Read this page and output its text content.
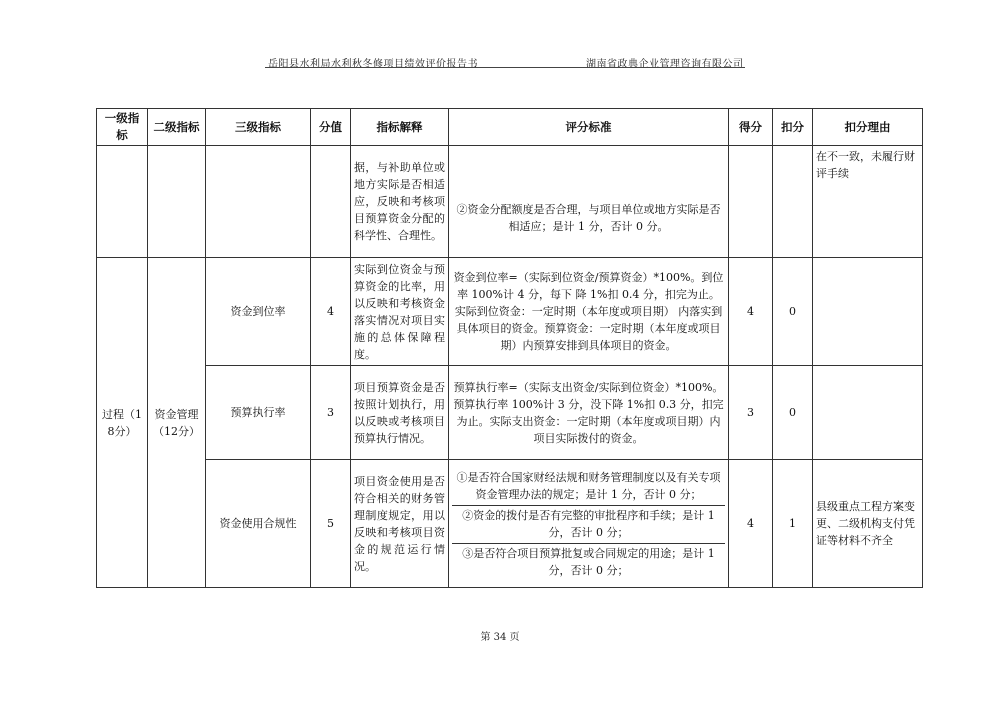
岳阳县水利局水利秋冬修项目绩效评价报告书	湖南省政典企业管理咨询有限公司
一级指标	二级指标	三级指标	分值	指标解释	评分标准	得分	扣分	扣分理由
				据，与补助单位或地方实际是否相适应，反映和考核项目预算资金分配的科学性、合理性。	②资金分配额度是否合理，与项目单位或地方实际是否相适应；是计 1 分，否计 0 分。			在不一致，未履行财评手续
过程（18分）	资金管理（12分）	资金到位率	4	实际到位资金与预算资金的比率，用以反映和考核资金落实情况对项目实施的总体保障程度。	资金到位率=（实际到位资金/预算资金）*100%。到位率 100%计 4 分，每下 降 1%扣 0.4 分，扣完为止。实际到位资金：一定时期（本年度或项目期） 内落实到具体项目的资金。预算资金：一定时期（本年度或项目期）内预算安排到具体项目的资金。	4	0	
		预算执行率	3	项目预算资金是否按照计划执行，用以反映或考核项目预算执行情况。	预算执行率=（实际支出资金/实际到位资金）*100%。预算执行率 100%计 3 分，没下降 1%扣 0.3 分，扣完为止。实际支出资金：一定时期（本年度或项目期）内项目实际拨付的资金。	3	0	
		资金使用合规性	5	项目资金使用是否符合相关的财务管理制度规定，用以反映和考核项目资金的规范运行情况。	①是否符合国家财经法规和财务管理制度以及有关专项资金管理办法的规定；是计 1 分，否计 0 分；
②资金的拨付是否有完整的审批程序和手续；是计 1 分，否计 0 分；
③是否符合项目预算批复或合同规定的用途；是计 1 分，否计 0 分；	4	1	县级重点工程方案变更、二级机构支付凭证等材料不齐全
第 34 页
